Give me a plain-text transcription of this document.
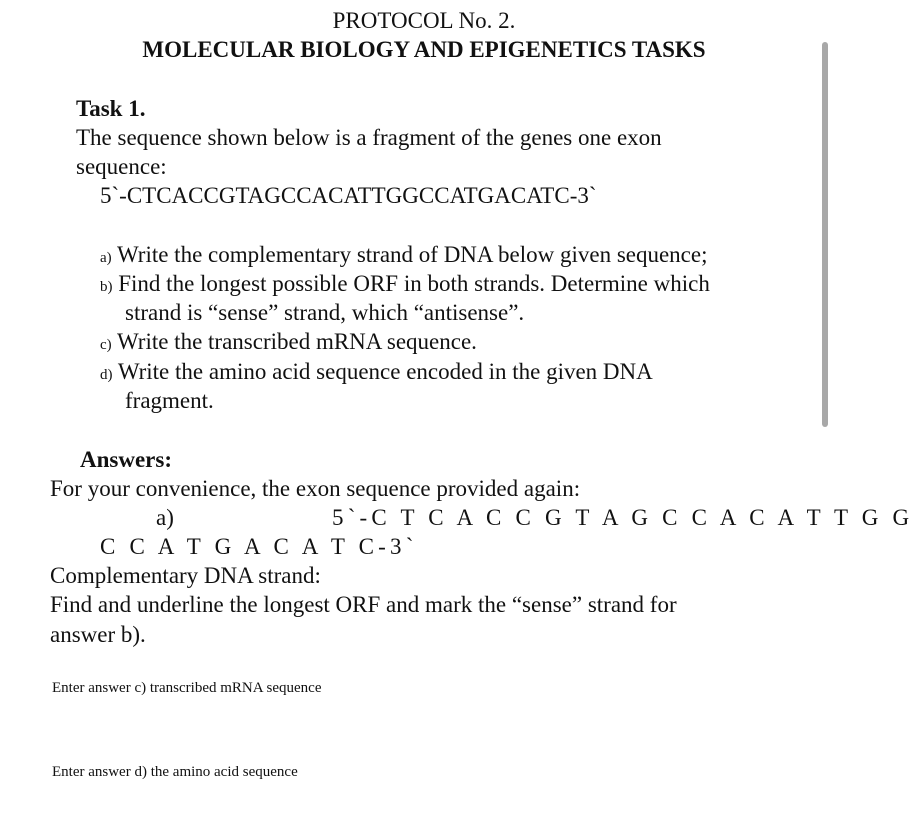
PROTOCOL No. 2.
MOLECULAR BIOLOGY AND EPIGENETICS TASKS
Task 1.
The sequence shown below is a fragment of the genes one exon
sequence:
5`-CTCACCGTAGCCACATTGGCCATGACATC-3`
a) Write the complementary strand of DNA below given sequence;
b) Find the longest possible ORF in both strands. Determine which
strand is “sense” strand, which “antisense”.
c) Write the transcribed mRNA sequence.
d) Write the amino acid sequence encoded in the given DNA
fragment.
Answers:
For your convenience, the exon sequence provided again:
a)	5`-C T C A C C G T A G C C A C A T T G G
C C A T G A C A T C-3`
Complementary DNA strand:
Find and underline the longest ORF and mark the “sense” strand for
answer b).
Enter answer c) transcribed mRNA sequence
Enter answer d) the amino acid sequence
